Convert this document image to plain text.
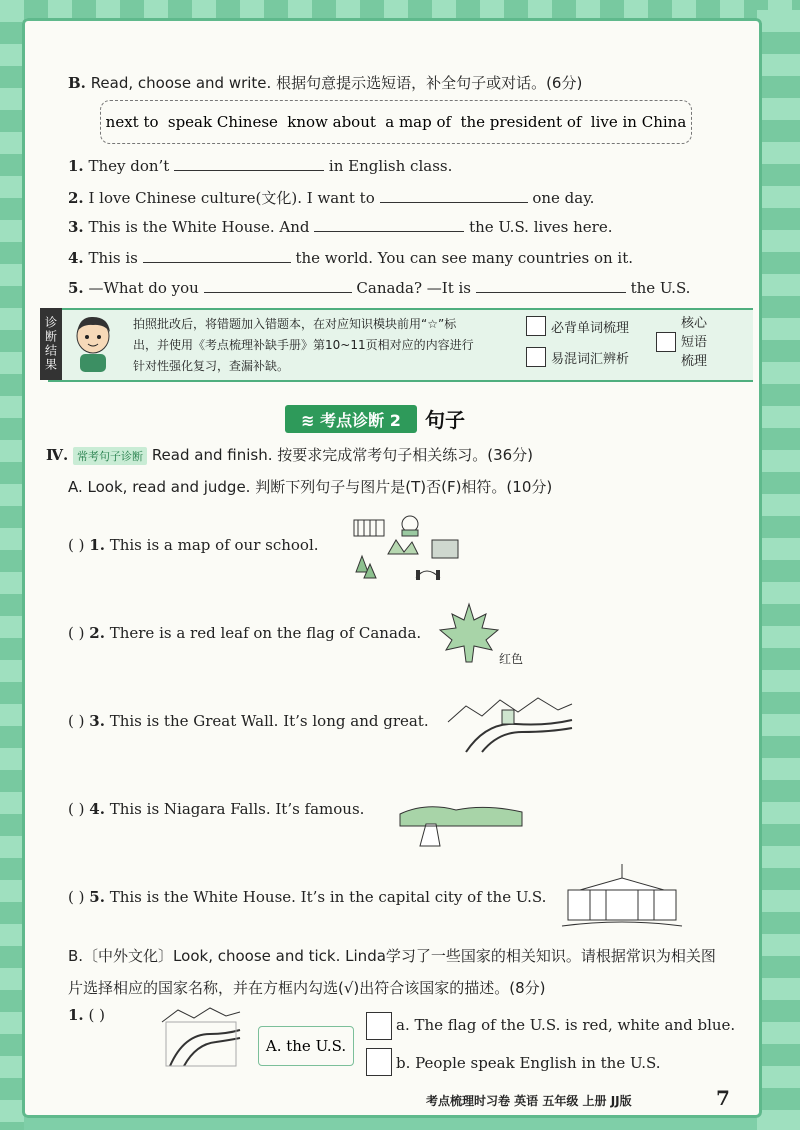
B. Read, choose and write. 根据句意提示选短语，补全句子或对话。(6分)
next to speak Chinese know about a map of the president of live in China
1. They don’t	in English class.
2. I love Chinese culture(文化). I want to	one day.
3. This is the White House. And	the U.S. lives here.
4. This is	the world. You can see many countries on it.
5. —What do you	Canada? —It is	the U.S.
诊断结果	拍照批改后，将错题加入错题本，在对应知识模块前用“☆”标
出，并使用《考点梳理补缺手册》第10~11页相对应的内容进行
针对性强化复习，查漏补缺。
必背单词梳理
易混词汇辨析
核心
短语
梳理
≋ 考点诊断 2	句子
Ⅳ. 常考句子诊断 Read and finish. 按要求完成常考句子相关练习。(36分)
A. Look, read and judge. 判断下列句子与图片是(T)否(F)相符。(10分)
( ) 1. This is a map of our school.
( ) 2. There is a red leaf on the flag of Canada.
红色
( ) 3. This is the Great Wall. It’s long and great.
( ) 4. This is Niagara Falls. It’s famous.
( ) 5. This is the White House. It’s in the capital city of the U.S.
B.〔中外文化〕Look, choose and tick. Linda学习了一些国家的相关知识。请根据常识为相关图
片选择相应的国家名称，并在方框内勾选(√)出符合该国家的描述。(8分)
1. ( )
A. the U.S.
a. The flag of the U.S. is red, white and blue.
b. People speak English in the U.S.
考点梳理时习卷 英语 五年级 上册 JJ版	7
